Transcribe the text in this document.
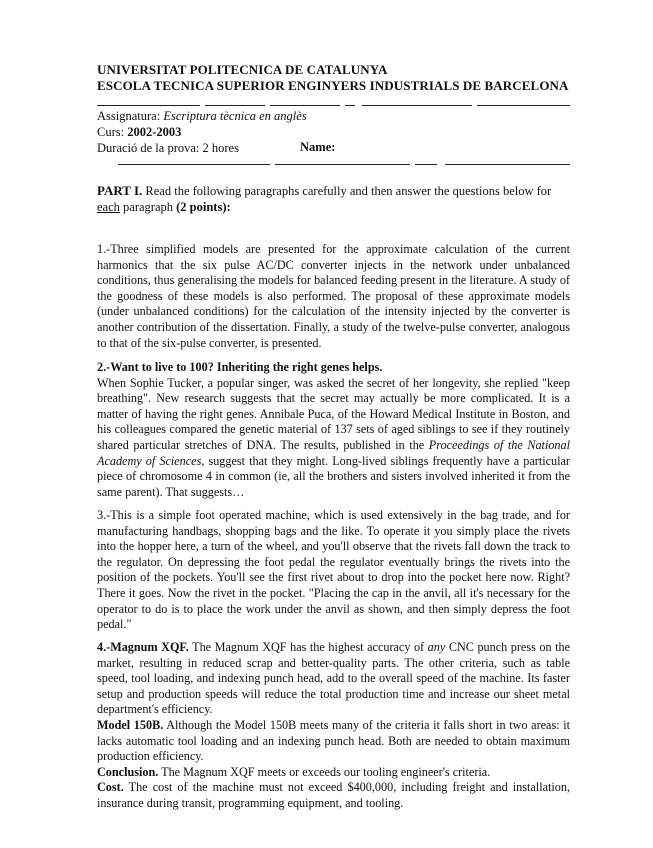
UNIVERSITAT POLITECNICA DE CATALUNYA
ESCOLA TECNICA SUPERIOR ENGINYERS INDUSTRIALS DE BARCELONA
Assignatura: Escriptura tècnica en anglès
Curs: 2002-2003
Duració de la prova: 2 hores	Name:
PART I. Read the following paragraphs carefully and then answer the questions below for each paragraph (2 points):

1.-Three simplified models are presented for the approximate calculation of the current harmonics that the six pulse AC/DC converter injects in the network under unbalanced conditions, thus generalising the models for balanced feeding present in the literature. A study of the goodness of these models is also performed. The proposal of these approximate models (under unbalanced conditions) for the calculation of the intensity injected by the converter is another contribution of the dissertation. Finally, a study of the twelve-pulse converter, analogous to that of the six-pulse converter, is presented.

2.-Want to live to 100? Inheriting the right genes helps.

When Sophie Tucker, a popular singer, was asked the secret of her longevity, she replied "keep breathing". New research suggests that the secret may actually be more complicated. It is a matter of having the right genes. Annibale Puca, of the Howard Medical Institute in Boston, and his colleagues compared the genetic material of 137 sets of aged siblings to see if they routinely shared particular stretches of DNA. The results, published in the Proceedings of the National Academy of Sciences, suggest that they might. Long-lived siblings frequently have a particular piece of chromosome 4 in common (ie, all the brothers and sisters involved inherited it from the same parent). That suggests…

3.-This is a simple foot operated machine, which is used extensively in the bag trade, and for manufacturing handbags, shopping bags and the like. To operate it you simply place the rivets into the hopper here, a turn of the wheel, and you'll observe that the rivets fall down the track to the regulator. On depressing the foot pedal the regulator eventually brings the rivets into the position of the pockets. You'll see the first rivet about to drop into the pocket here now. Right? There it goes. Now the rivet in the pocket. "Placing the cap in the anvil, all it's necessary for the operator to do is to place the work under the anvil as shown, and then simply depress the foot pedal."

4.-Magnum XQF. The Magnum XQF has the highest accuracy of any CNC punch press on the market, resulting in reduced scrap and better-quality parts. The other criteria, such as table speed, tool loading, and indexing punch head, add to the overall speed of the machine. Its faster setup and production speeds will reduce the total production time and increase our sheet metal department's efficiency.

Model 150B. Although the Model 150B meets many of the criteria it falls short in two areas: it lacks automatic tool loading and an indexing punch head. Both are needed to obtain maximum production efficiency.

Conclusion. The Magnum XQF meets or exceeds our tooling engineer's criteria.

Cost. The cost of the machine must not exceed $400,000, including freight and installation, insurance during transit, programming equipment, and tooling.
